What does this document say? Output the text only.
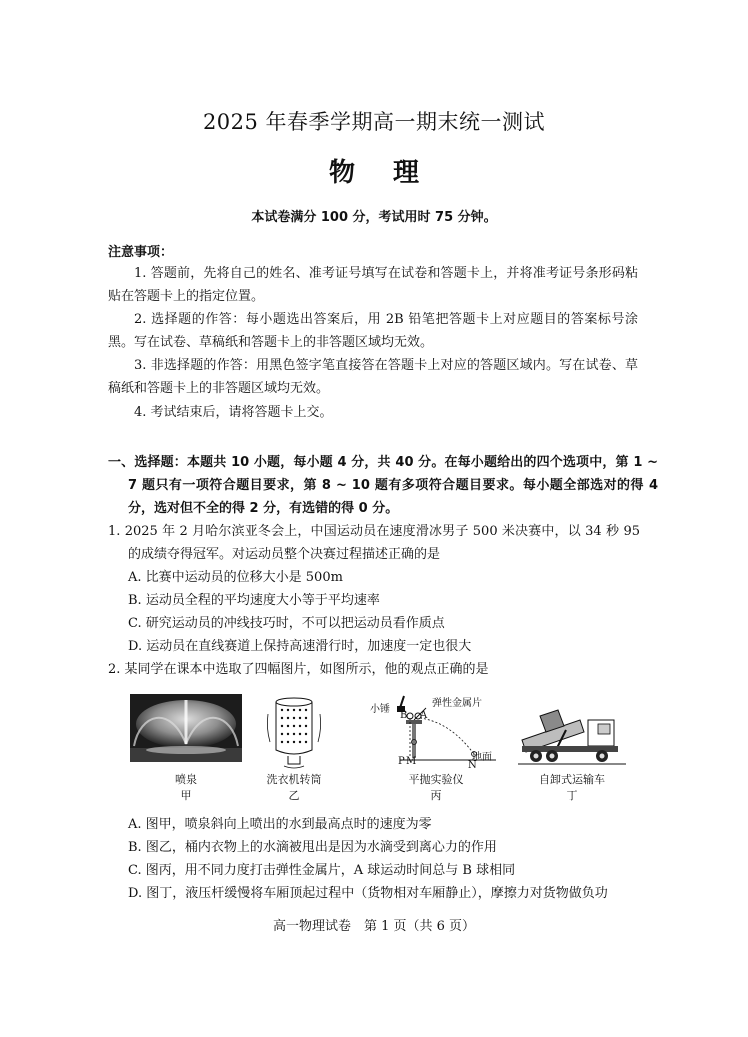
2025 年春季学期高一期末统一测试
物理
本试卷满分 100 分，考试用时 75 分钟。
注意事项：
1. 答题前，先将自己的姓名、准考证号填写在试卷和答题卡上，并将准考证号条形码粘贴在答题卡上的指定位置。
2. 选择题的作答：每小题选出答案后，用 2B 铅笔把答题卡上对应题目的答案标号涂黑。写在试卷、草稿纸和答题卡上的非答题区域均无效。
3. 非选择题的作答：用黑色签字笔直接答在答题卡上对应的答题区域内。写在试卷、草稿纸和答题卡上的非答题区域均无效。
4. 考试结束后，请将答题卡上交。
一、选择题：本题共 10 小题，每小题 4 分，共 40 分。在每小题给出的四个选项中，第 1 ~ 7 题只有一项符合题目要求，第 8 ~ 10 题有多项符合题目要求。每小题全部选对的得 4 分，选对但不全的得 2 分，有选错的得 0 分。
1. 2025 年 2 月哈尔滨亚冬会上，中国运动员在速度滑冰男子 500 米决赛中，以 34 秒 95 的成绩夺得冠军。对运动员整个决赛过程描述正确的是
A. 比赛中运动员的位移大小是 500m
B. 运动员全程的平均速度大小等于平均速率
C. 研究运动员的冲线技巧时，不可以把运动员看作质点
D. 运动员在直线赛道上保持高速滑行时，加速度一定也很大
2. 某同学在课本中选取了四幅图片，如图所示，他的观点正确的是
喷泉
甲
洗衣机转筒
乙
小锤
弹性金属片
B A
P M	N
地面
平抛实验仪
丙
自卸式运输车
丁
A. 图甲，喷泉斜向上喷出的水到最高点时的速度为零
B. 图乙，桶内衣物上的水滴被甩出是因为水滴受到离心力的作用
C. 图丙，用不同力度打击弹性金属片，A 球运动时间总与 B 球相同
D. 图丁，液压杆缓慢将车厢顶起过程中（货物相对车厢静止），摩擦力对货物做负功
高一物理试卷　第 1 页（共 6 页）
